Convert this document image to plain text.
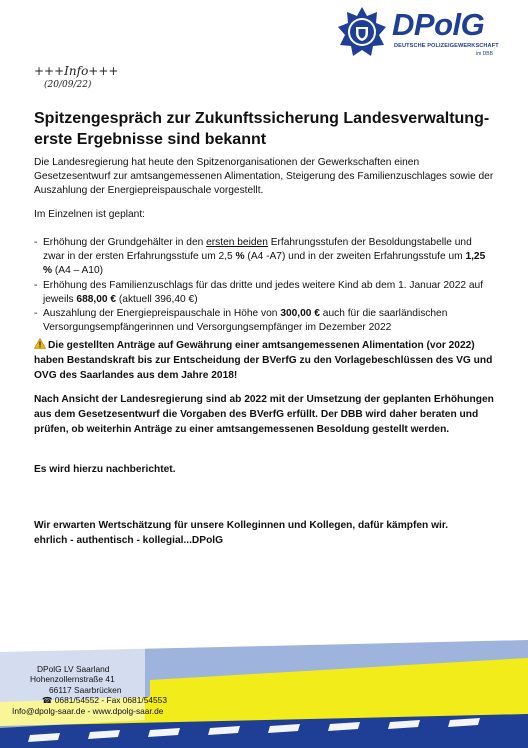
DPolG
DEUTSCHE POLIZEIGEWERKSCHAFT
im DBB
+++Info+++
(20/09/22)
Spitzengespräch zur Zukunftssicherung Landesverwaltung-erste Ergebnisse sind bekannt

Die Landesregierung hat heute den Spitzenorganisationen der Gewerkschaften einen Gesetzesentwurf zur amtsangemessenen Alimentation, Steigerung des Familienzuschlages sowie der Auszahlung der Energiepreispauschale vorgestellt.

Im Einzelnen ist geplant:

- Erhöhung der Grundgehälter in den ersten beiden Erfahrungsstufen der Besoldungstabelle und zwar in der ersten Erfahrungsstufe um 2,5 % (A4 -A7) und in der zweiten Erfahrungsstufe um 1,25 % (A4 – A10)
- Erhöhung des Familienzuschlags für das dritte und jedes weitere Kind ab dem 1. Januar 2022 auf jeweils 688,00 € (aktuell 396,40 €)
- Auszahlung der Energiepreispauschale in Höhe von 300,00 € auch für die saarländischen Versorgungsempfängerinnen und Versorgungsempfänger im Dezember 2022

Die gestellten Anträge auf Gewährung einer amtsangemessenen Alimentation (vor 2022) haben Bestandskraft bis zur Entscheidung der BVerfG zu den Vorlagebeschlüssen des VG und OVG des Saarlandes aus dem Jahre 2018!

Nach Ansicht der Landesregierung sind ab 2022 mit der Umsetzung der geplanten Erhöhungen aus dem Gesetzesentwurf die Vorgaben des BVerfG erfüllt. Der DBB wird daher beraten und prüfen, ob weiterhin Anträge zu einer amtsangemessenen Besoldung gestellt werden.

Es wird hierzu nachberichtet.

Wir erwarten Wertschätzung für unsere Kolleginnen und Kollegen, dafür kämpfen wir.
ehrlich - authentisch - kollegial...DPolG

DPolG LV Saarland
Hohenzollernstraße 41
66117 Saarbrücken
☎ 0681/54552 - Fax 0681/54553
Info@dpolg-saar.de - www.dpolg-saar.de
